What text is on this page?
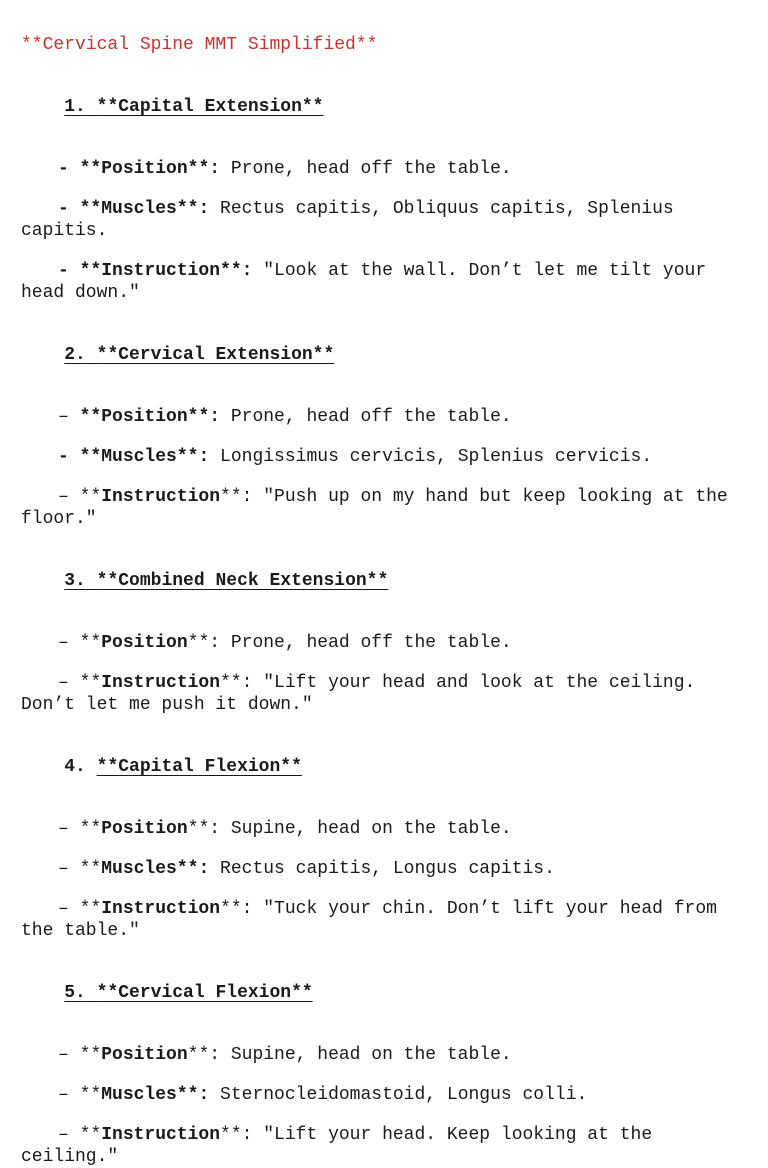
**Cervical Spine MMT Simplified**

1. **Capital Extension**

- **Position**: Prone, head off the table.
- **Muscles**: Rectus capitis, Obliquus capitis, Splenius capitis.
- **Instruction**: "Look at the wall. Don’t let me tilt your head down."

2. **Cervical Extension**

– **Position**: Prone, head off the table.
- **Muscles**: Longissimus cervicis, Splenius cervicis.
– **Instruction**: "Push up on my hand but keep looking at the floor."

3. **Combined Neck Extension**

– **Position**: Prone, head off the table.
– **Instruction**: "Lift your head and look at the ceiling. Don’t let me push it down."

4. **Capital Flexion**

– **Position**: Supine, head on the table.
– **Muscles**: Rectus capitis, Longus capitis.
– **Instruction**: "Tuck your chin. Don’t lift your head from the table."

5. **Cervical Flexion**

– **Position**: Supine, head on the table.
– **Muscles**: Sternocleidomastoid, Longus colli.
– **Instruction**: "Lift your head. Keep looking at the ceiling."
